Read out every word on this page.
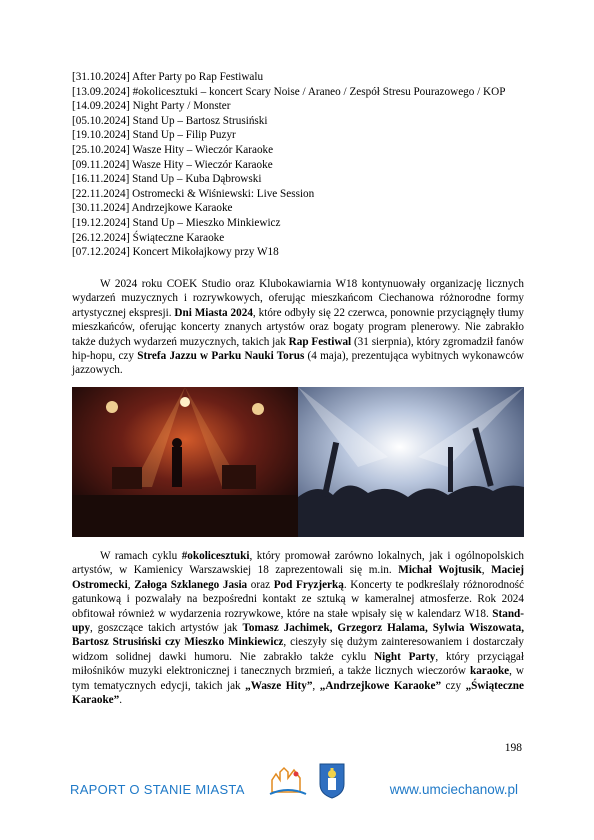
[31.10.2024] After Party po Rap Festiwalu
[13.09.2024] #okolicesztuki – koncert Scary Noise / Araneo / Zespół Stresu Pourazowego / KOP
[14.09.2024] Night Party / Monster
[05.10.2024] Stand Up – Bartosz Strusiński
[19.10.2024] Stand Up – Filip Puzyr
[25.10.2024] Wasze Hity – Wieczór Karaoke
[09.11.2024] Wasze Hity – Wieczór Karaoke
[16.11.2024] Stand Up – Kuba Dąbrowski
[22.11.2024] Ostromecki & Wiśniewski: Live Session
[30.11.2024] Andrzejkowe Karaoke
[19.12.2024] Stand Up – Mieszko Minkiewicz
[26.12.2024] Świąteczne Karaoke
[07.12.2024] Koncert Mikołajkowy przy W18

W 2024 roku COEK Studio oraz Klubokawiarnia W18 kontynuowały organizację licznych wydarzeń muzycznych i rozrywkowych, oferując mieszkańcom Ciechanowa różnorodne formy artystycznej ekspresji. Dni Miasta 2024, które odbyły się 22 czerwca, ponownie przyciągnęły tłumy mieszkańców, oferując koncerty znanych artystów oraz bogaty program plenerowy. Nie zabrakło także dużych wydarzeń muzycznych, takich jak Rap Festiwal (31 sierpnia), który zgromadził fanów hip-hopu, czy Strefa Jazzu w Parku Nauki Torus (4 maja), prezentująca wybitnych wykonawców jazzowych.

W ramach cyklu #okolicesztuki, który promował zarówno lokalnych, jak i ogólnopolskich artystów, w Kamienicy Warszawskiej 18 zaprezentowali się m.in. Michał Wojtusik, Maciej Ostromecki, Załoga Szklanego Jasia oraz Pod Fryzjerką. Koncerty te podkreślały różnorodność gatunkową i pozwalały na bezpośredni kontakt ze sztuką w kameralnej atmosferze. Rok 2024 obfitował również w wydarzenia rozrywkowe, które na stałe wpisały się w kalendarz W18. Stand-upy, goszczące takich artystów jak Tomasz Jachimek, Grzegorz Halama, Sylwia Wiszowata, Bartosz Strusiński czy Mieszko Minkiewicz, cieszyły się dużym zainteresowaniem i dostarczały widzom solidnej dawki humoru. Nie zabrakło także cyklu Night Party, który przyciągał miłośników muzyki elektronicznej i tanecznych brzmień, a także licznych wieczorów karaoke, w tym tematycznych edycji, takich jak „Wasze Hity”, „Andrzejkowe Karaoke” czy „Świąteczne Karaoke”.

198
RAPORT O STANIE MIASTA	www.umciechanow.pl
